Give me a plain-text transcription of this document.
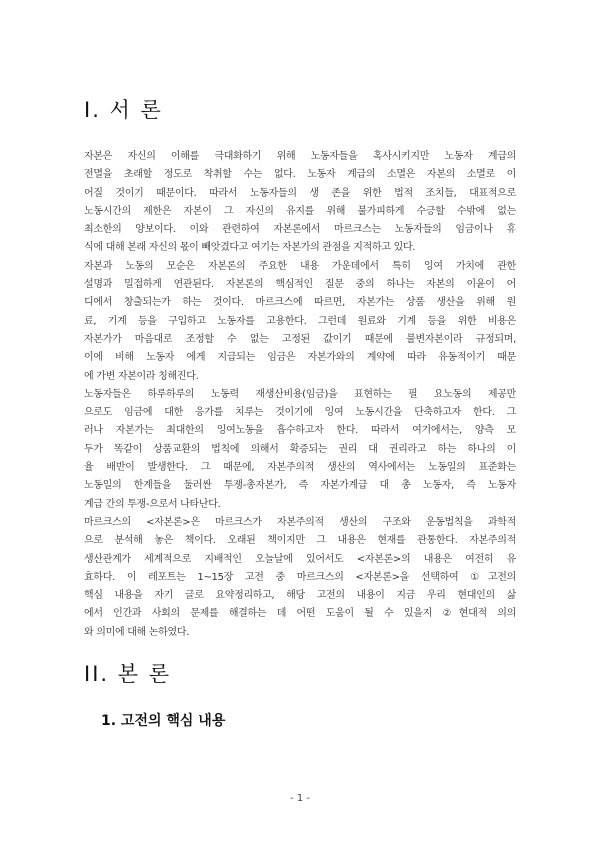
I. 서 론
자본은 자신의 이해를 극대화하기 위해 노동자들을 혹사시키지만 노동자 계급의
전멸을 초래할 정도로 착취할 수는 없다. 노동자 계급의 소멸은 자본의 소멸로 이
어질 것이기 때문이다. 따라서 노동자들의 생 존을 위한 법적 조치들, 대표적으로
노동시간의 제한은 자본이 그 자신의 유지를 위해 불가피하게 수긍할 수밖에 없는
최소한의 양보이다. 이와 관련하여 자본론에서 마르크스는 노동자들의 임금이나 휴
식에 대해 본래 자신의 몫이 빼앗겼다고 여기는 자본가의 관점을 지적하고 있다.
자본과 노동의 모순은 자본론의 주요한 내용 가운데에서 특히 잉여 가치에 관한
설명과 밀접하게 연관된다. 자본론의 핵심적인 질문 중의 하나는 자본의 이윤이 어
디에서 창출되는가 하는 것이다. 마르크스에 따르면, 자본가는 상품 생산을 위해 원
료, 기계 등을 구입하고 노동자를 고용한다. 그런데 원료와 기계 등을 위한 비용은
자본가가 마음대로 조정할 수 없는 고정된 값이기 때문에 불변자본이라 규정되며,
이에 비해 노동자 에게 지급되는 임금은 자본가와의 계약에 따라 유동적이기 때문
에 가변 자본이라 칭해진다.
노동자들은 하루하루의 노동력 재생산비용(임금)을 표현하는 필 요노동의 제공만
으로도 임금에 대한 응가를 치루는 것이기에 잉여 노동시간을 단축하고자 한다. 그
러나 자본가는 최대한의 잉여노동을 흡수하고자 한다. 따라서 여기에서는, 양측 모
두가 똑같이 상품교환의 법칙에 의해서 확증되는 권리 대 권리라고 하는 하나의 이
율 배반이 발생한다. 그 때문에, 자본주의적 생산의 역사에서는 노동일의 표준화는
노동일의 한계들을 둘러싼 투쟁-총자본가, 즉 자본가계급 대 총 노동자, 즉 노동자
계급 간의 투쟁-으로서 나타난다.
마르크스의 <자본론>은 마르크스가 자본주의적 생산의 구조와 운동법칙을 과학적
으로 분석해 놓은 책이다. 오래된 책이지만 그 내용은 현재를 관통한다. 자본주의적
생산관계가 세계적으로 지배적인 오늘날에 있어서도 <자본론>의 내용은 여전히 유
효하다. 이 레포트는 1~15장 고전 중 마르크스의 <자본론>을 선택하여 ①고전의
핵심 내용을 자기 글로 요약정리하고, 해당 고전의 내용이 지금 우리 현대인의 삶
에서 인간과 사회의 문제를 해결하는 데 어떤 도움이 될 수 있을지 ②현대적 의의
와 의미에 대해 논하였다.
II. 본 론
1. 고전의 핵심 내용
- 1 -
